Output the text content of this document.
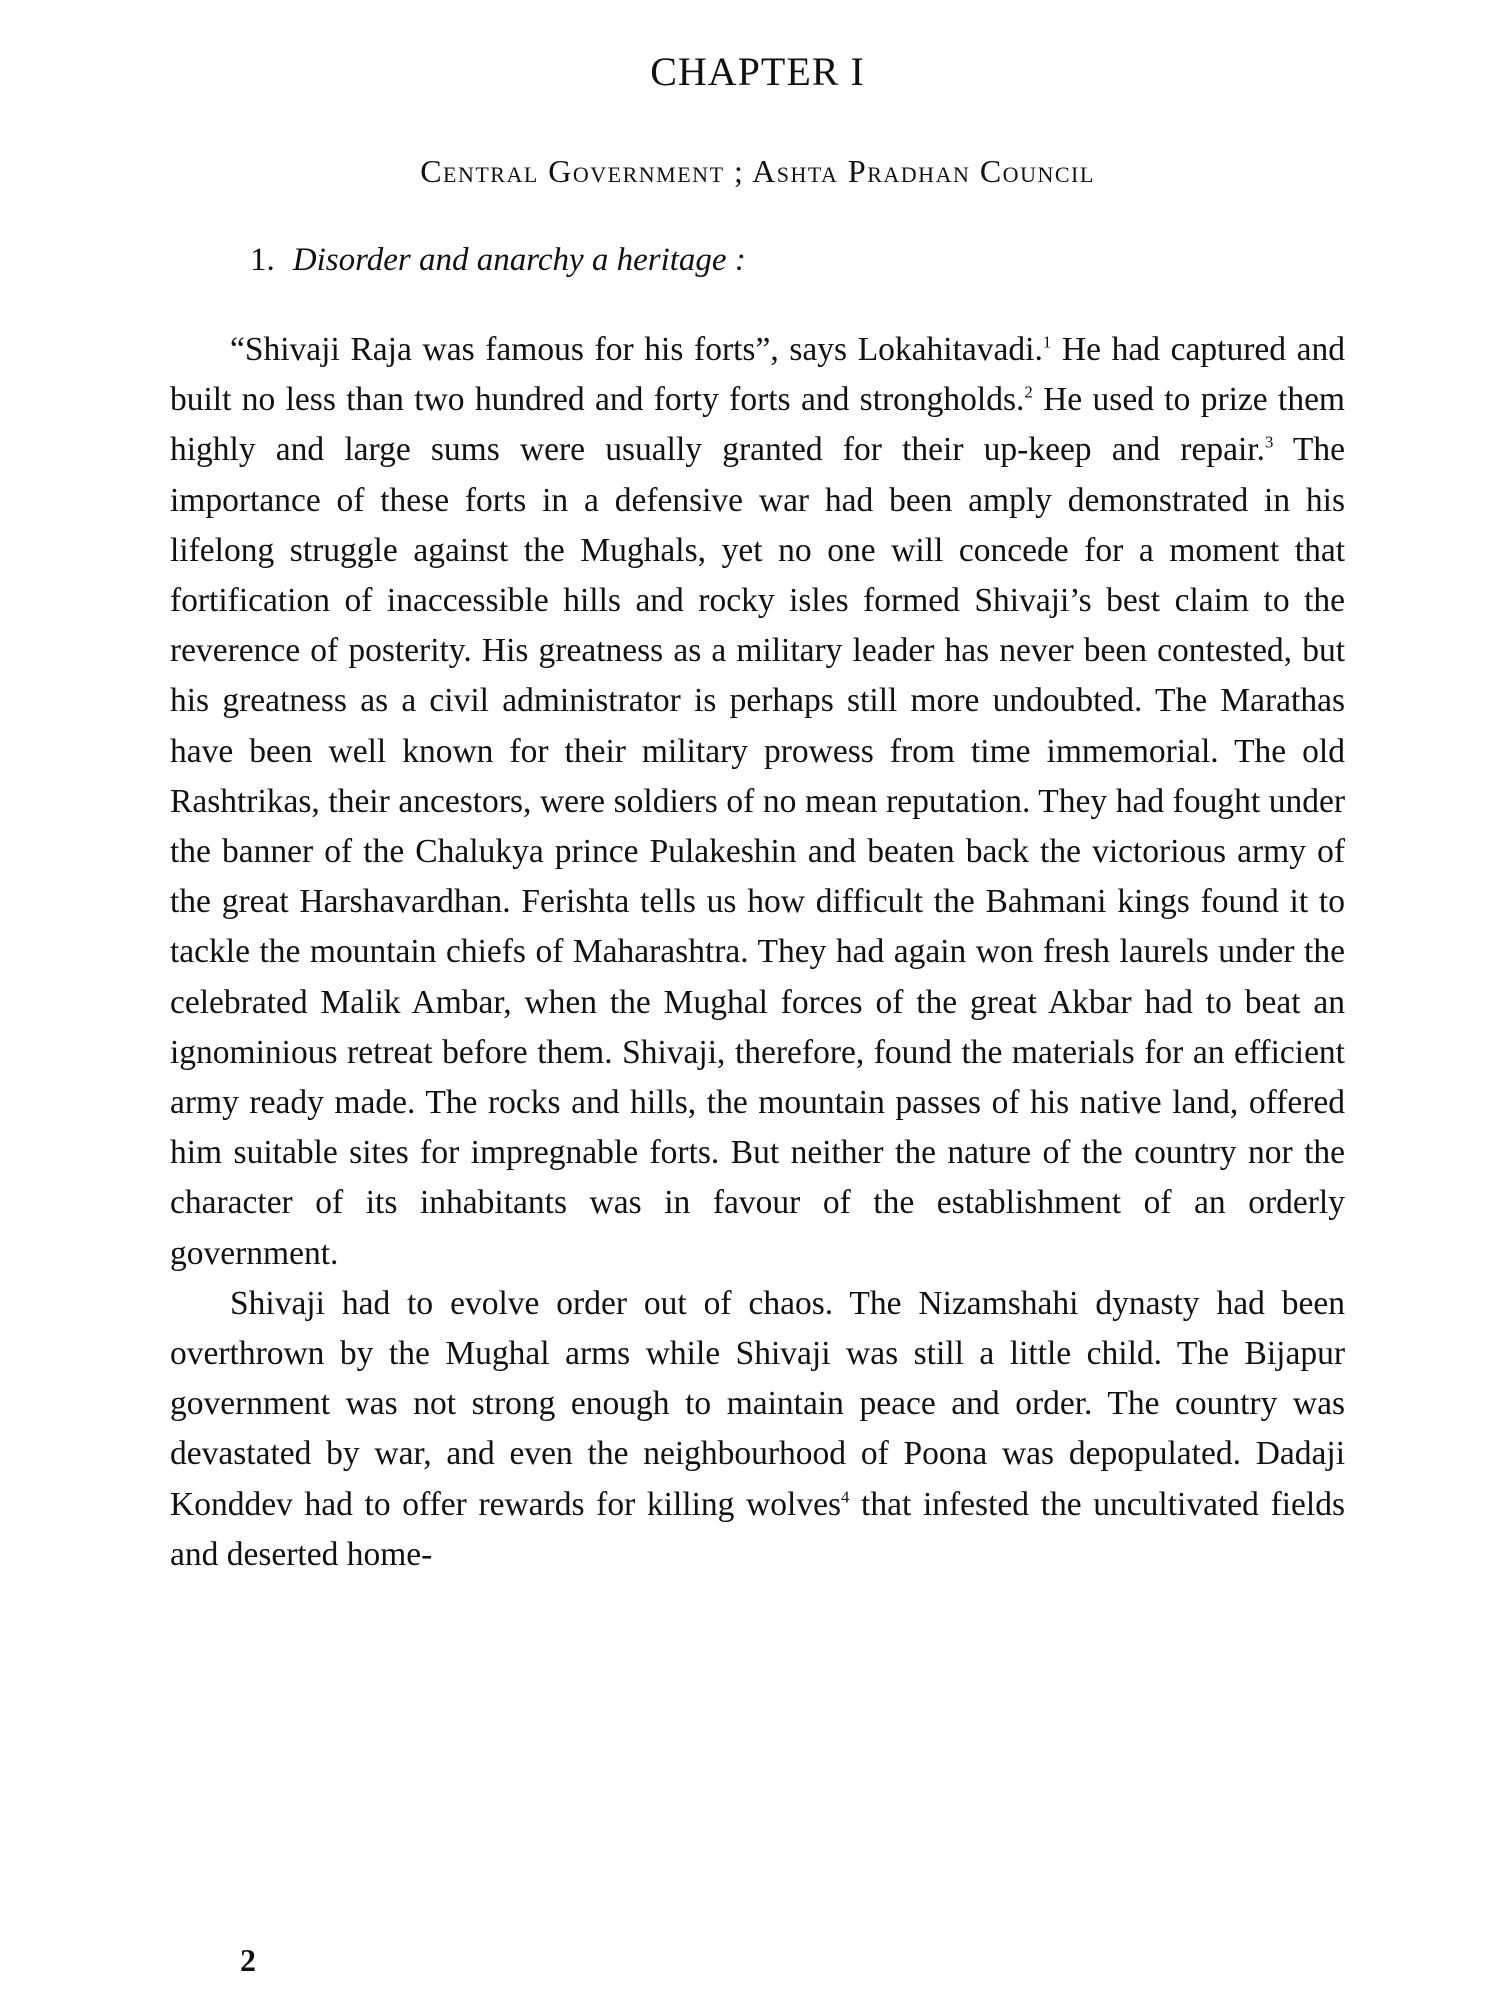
CHAPTER I
Central Government ; Ashta Pradhan Council
1. Disorder and anarchy a heritage :

“Shivaji Raja was famous for his forts”, says Lokahitavadi.$^1$ He had captured and built no less than two hundred and forty forts and strongholds.$^2$ He used to prize them highly and large sums were usually granted for their up-keep and repair.$^3$ The importance of these forts in a defensive war had been amply demonstrated in his lifelong struggle against the Mughals, yet no one will concede for a moment that fortification of inaccessible hills and rocky isles formed Shivaji’s best claim to the reverence of posterity. His greatness as a military leader has never been contested, but his greatness as a civil administrator is perhaps still more undoubted. The Marathas have been well known for their military prowess from time immemorial. The old Rashtrikas, their ancestors, were soldiers of no mean reputation. They had fought under the banner of the Chalukya prince Pulakeshin and beaten back the victorious army of the great Harshavardhan. Ferishta tells us how difficult the Bahmani kings found it to tackle the mountain chiefs of Maharashtra. They had again won fresh laurels under the celebrated Malik Ambar, when the Mughal forces of the great Akbar had to beat an ignominious retreat before them. Shivaji, therefore, found the materials for an efficient army ready made. The rocks and hills, the mountain passes of his native land, offered him suitable sites for impregnable forts. But neither the nature of the country nor the character of its inhabitants was in favour of the establishment of an orderly government.

Shivaji had to evolve order out of chaos. The Nizamshahi dynasty had been overthrown by the Mughal arms while Shivaji was still a little child. The Bijapur government was not strong enough to maintain peace and order. The country was devastated by war, and even the neighbourhood of Poona was depopulated. Dadaji Konddev had to offer rewards for killing wolves$^4$ that infested the uncultivated fields and deserted home-

2
